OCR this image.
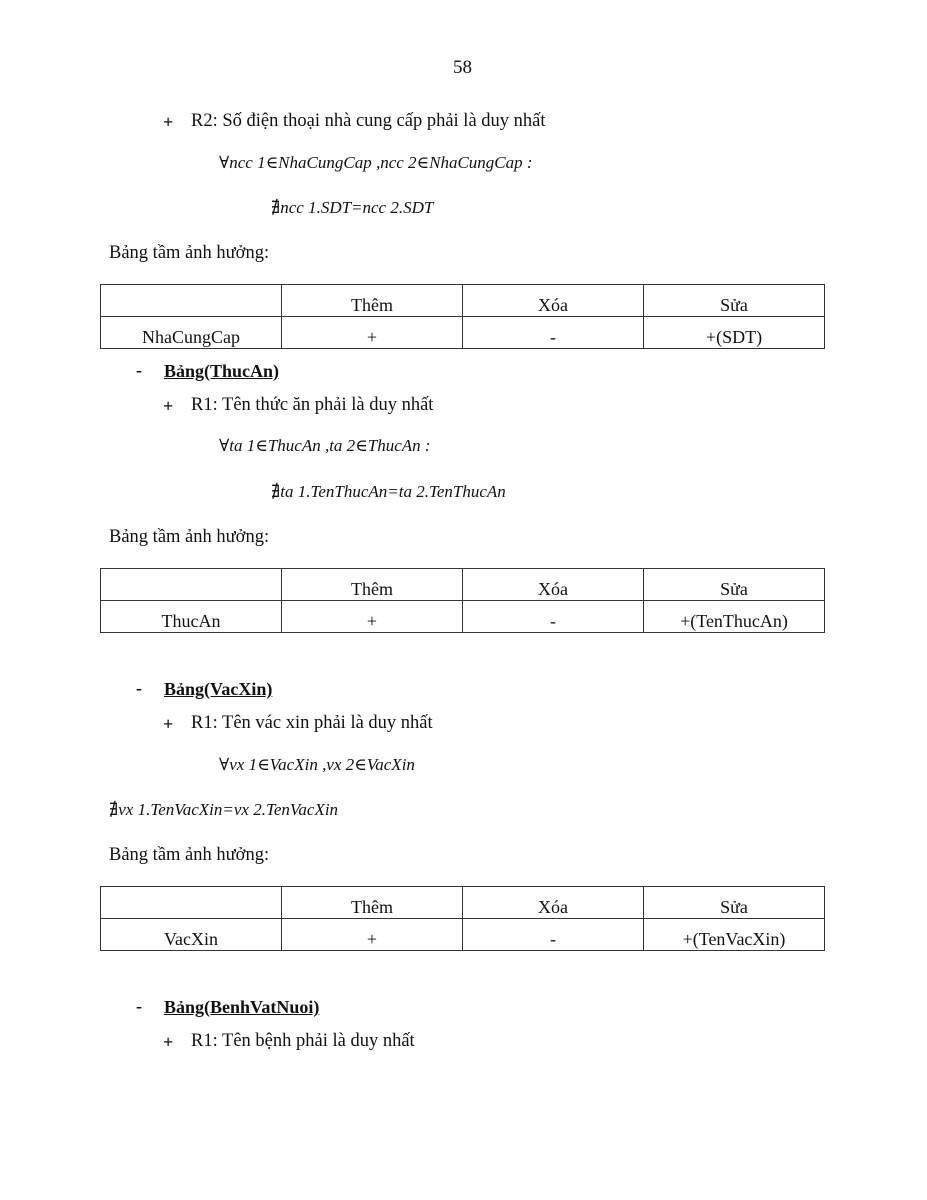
58
+ R2: Số điện thoại nhà cung cấp phải là duy nhất
∀ncc 1∈NhaCungCap ,ncc 2∈NhaCungCap :
∄ncc 1.SDT=ncc 2.SDT
Bảng tầm ảnh hưởng:
	Thêm	Xóa	Sửa
NhaCungCap	+	-	+(SDT)
- Bảng(ThucAn)
+ R1: Tên thức ăn phải là duy nhất
∀ta 1∈ThucAn ,ta 2∈ThucAn :
∄ta 1.TenThucAn=ta 2.TenThucAn
Bảng tầm ảnh hưởng:
	Thêm	Xóa	Sửa
ThucAn	+	-	+(TenThucAn)
- Bảng(VacXin)
+ R1: Tên vác xin phải là duy nhất
∀vx 1∈VacXin ,vx 2∈VacXin
∄vx 1.TenVacXin=vx 2.TenVacXin
Bảng tầm ảnh hưởng:
	Thêm	Xóa	Sửa
VacXin	+	-	+(TenVacXin)
- Bảng(BenhVatNuoi)
+ R1: Tên bệnh phải là duy nhất
